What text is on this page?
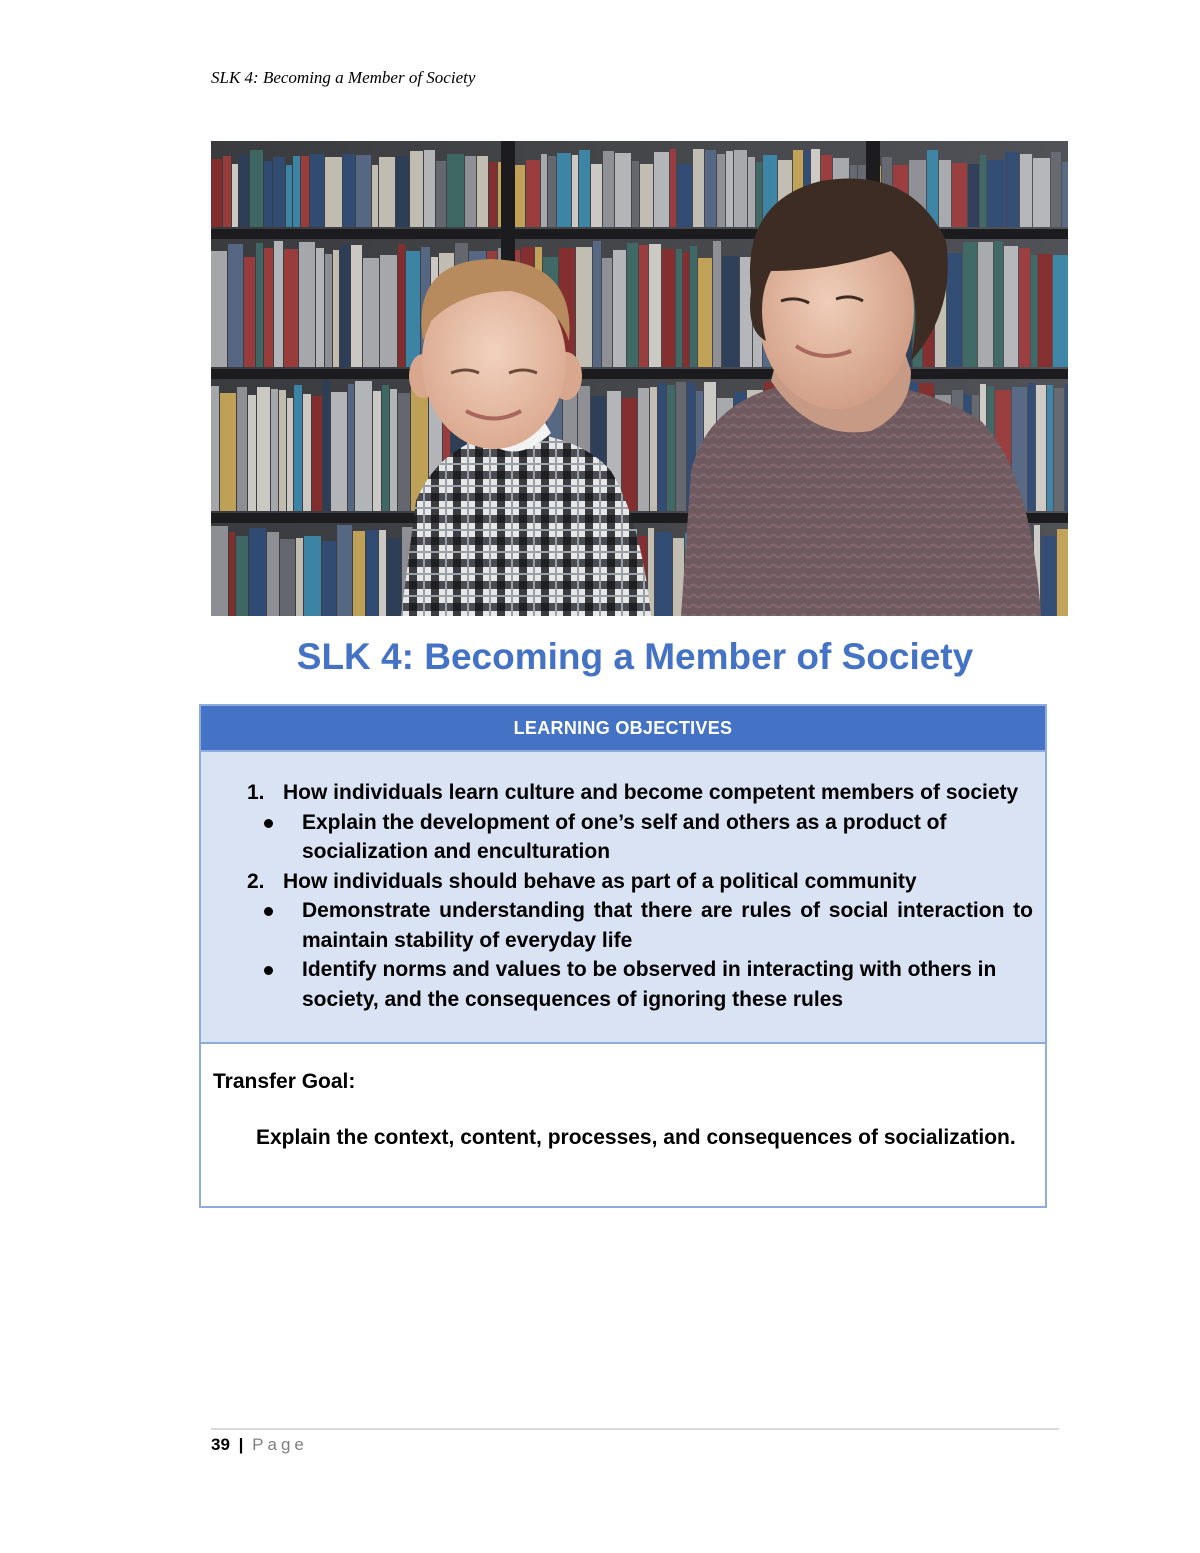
SLK 4: Becoming a Member of Society
SLK 4: Becoming a Member of Society
LEARNING OBJECTIVES
1. How individuals learn culture and become competent members of society
Explain the development of one’s self and others as a product of socialization and enculturation
2. How individuals should behave as part of a political community
Demonstrate understanding that there are rules of social interaction to maintain stability of everyday life
Identify norms and values to be observed in interacting with others in society, and the consequences of ignoring these rules
Transfer Goal:
Explain the context, content, processes, and consequences of socialization.
39 | Page
